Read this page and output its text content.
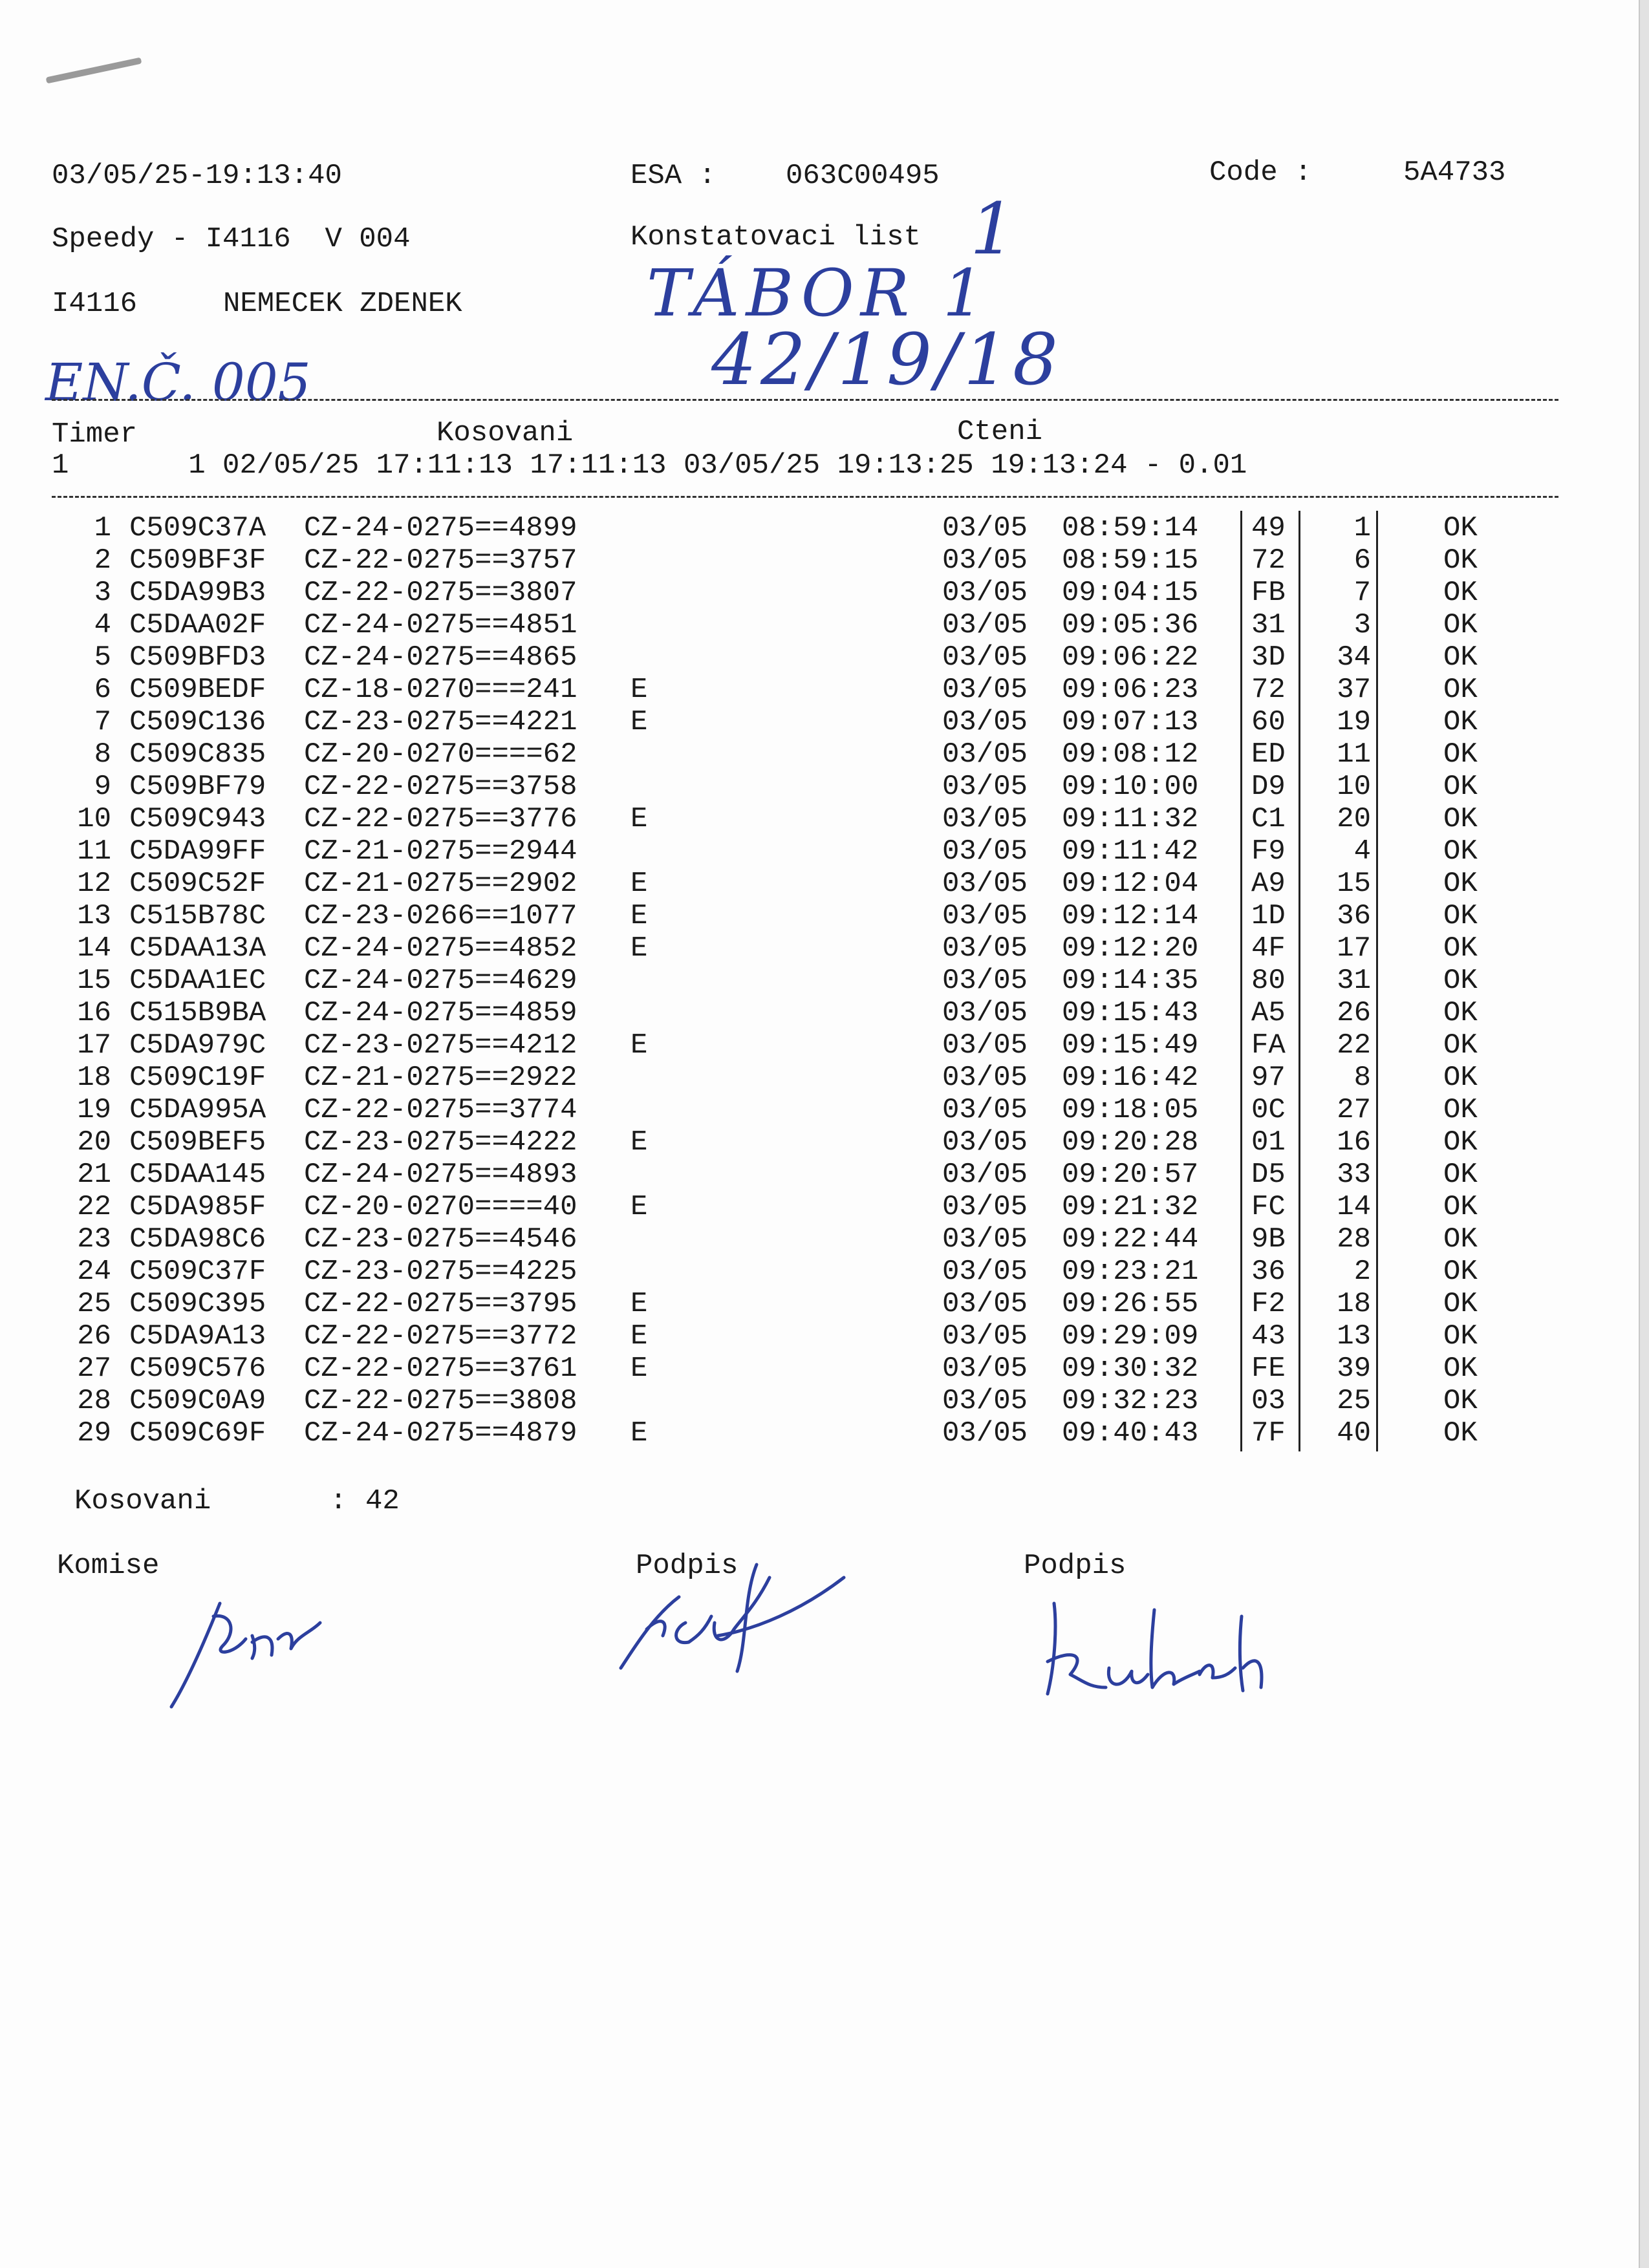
03/05/25-19:13:40	ESA : 063C00495	Code :	5A4733
Speedy - I4116  V 004	Konstatovaci list 1
I4116	NEMECEK ZDENEK	TÁBOR 1
42/19/18
EN.Č. 005
Timer	Kosovani	Cteni
1       1 02/05/25 17:11:13 17:11:13 03/05/25 19:13:25 19:13:24 - 0.01
1 C509C37A CZ-24-0275==4899	03/05 08:59:14 49	1	OK
2 C509BF3F CZ-22-0275==3757	03/05 08:59:15 72	6	OK
3 C5DA99B3 CZ-22-0275==3807	03/05 09:04:15 FB	7	OK
4 C5DAA02F CZ-24-0275==4851	03/05 09:05:36 31	3	OK
5 C509BFD3 CZ-24-0275==4865	03/05 09:06:22 3D	34	OK
6 C509BEDF CZ-18-0270===241 E	03/05 09:06:23 72	37	OK
7 C509C136 CZ-23-0275==4221 E	03/05 09:07:13 60	19	OK
8 C509C835 CZ-20-0270====62	03/05 09:08:12 ED	11	OK
9 C509BF79 CZ-22-0275==3758	03/05 09:10:00 D9	10	OK
10 C509C943 CZ-22-0275==3776 E	03/05 09:11:32 C1	20	OK
11 C5DA99FF CZ-21-0275==2944	03/05 09:11:42 F9	4	OK
12 C509C52F CZ-21-0275==2902 E	03/05 09:12:04 A9	15	OK
13 C515B78C CZ-23-0266==1077 E	03/05 09:12:14 1D	36	OK
14 C5DAA13A CZ-24-0275==4852 E	03/05 09:12:20 4F	17	OK
15 C5DAA1EC CZ-24-0275==4629	03/05 09:14:35 80	31	OK
16 C515B9BA CZ-24-0275==4859	03/05 09:15:43 A5	26	OK
17 C5DA979C CZ-23-0275==4212 E	03/05 09:15:49 FA	22	OK
18 C509C19F CZ-21-0275==2922	03/05 09:16:42 97	8	OK
19 C5DA995A CZ-22-0275==3774	03/05 09:18:05 0C	27	OK
20 C509BEF5 CZ-23-0275==4222 E	03/05 09:20:28 01	16	OK
21 C5DAA145 CZ-24-0275==4893	03/05 09:20:57 D5	33	OK
22 C5DA985F CZ-20-0270====40 E	03/05 09:21:32 FC	14	OK
23 C5DA98C6 CZ-23-0275==4546	03/05 09:22:44 9B	28	OK
24 C509C37F CZ-23-0275==4225	03/05 09:23:21 36	2	OK
25 C509C395 CZ-22-0275==3795 E	03/05 09:26:55 F2	18	OK
26 C5DA9A13 CZ-22-0275==3772 E	03/05 09:29:09 43	13	OK
27 C509C576 CZ-22-0275==3761 E	03/05 09:30:32 FE	39	OK
28 C509C0A9 CZ-22-0275==3808	03/05 09:32:23 03	25	OK
29 C509C69F CZ-24-0275==4879 E	03/05 09:40:43 7F	40	OK
Kosovani	: 42
Komise	Podpis	Podpis
